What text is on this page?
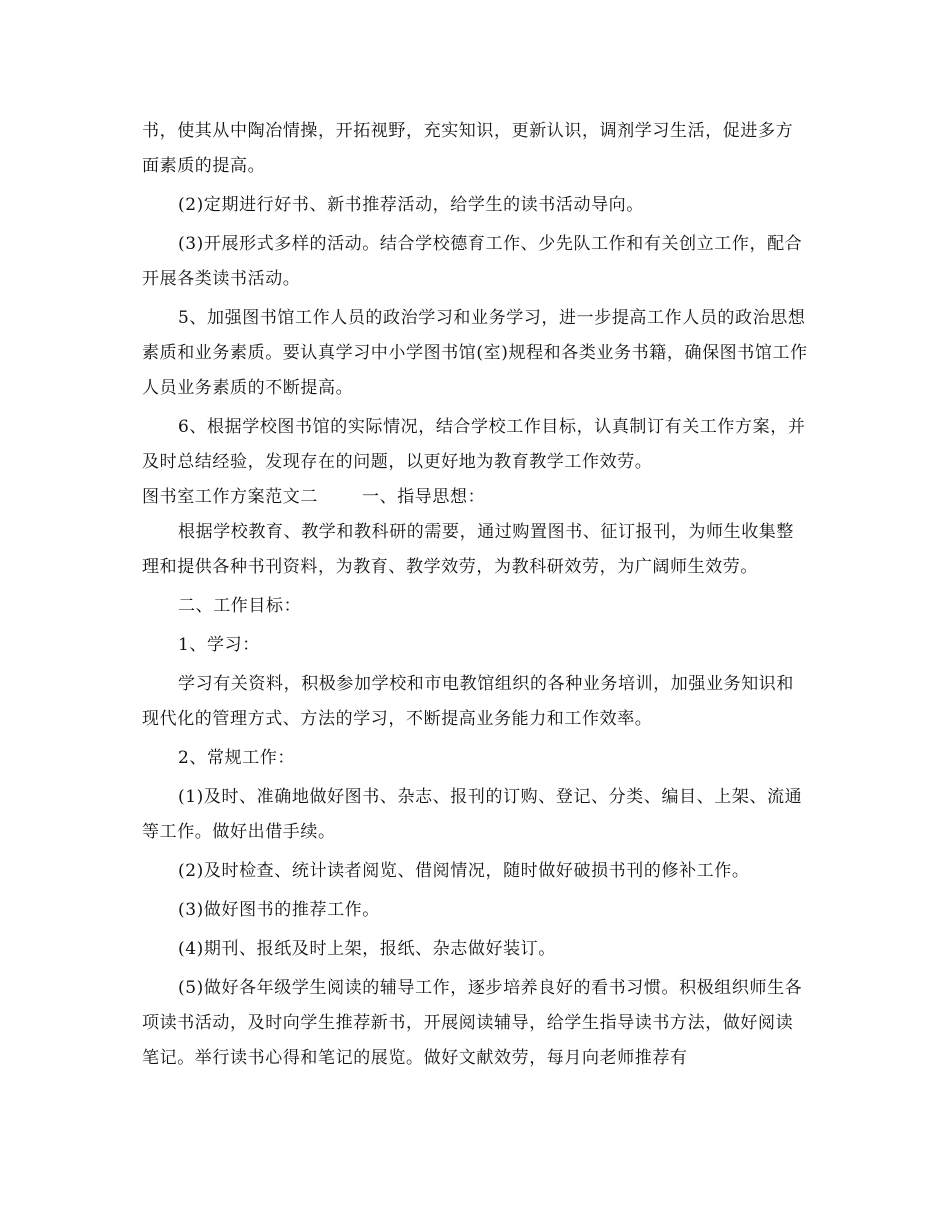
书，使其从中陶冶情操，开拓视野，充实知识，更新认识，调剂学习生活，促进多方面素质的提高。

(2)定期进行好书、新书推荐活动，给学生的读书活动导向。

(3)开展形式多样的活动。结合学校德育工作、少先队工作和有关创立工作，配合开展各类读书活动。

5、加强图书馆工作人员的政治学习和业务学习，进一步提高工作人员的政治思想素质和业务素质。要认真学习中小学图书馆(室)规程和各类业务书籍，确保图书馆工作人员业务素质的不断提高。

6、根据学校图书馆的实际情况，结合学校工作目标，认真制订有关工作方案，并及时总结经验，发现存在的问题，以更好地为教育教学工作效劳。

图书室工作方案范文二	一、指导思想：

根据学校教育、教学和教科研的需要，通过购置图书、征订报刊，为师生收集整理和提供各种书刊资料，为教育、教学效劳，为教科研效劳，为广阔师生效劳。

二、工作目标：

1、学习：

学习有关资料，积极参加学校和市电教馆组织的各种业务培训，加强业务知识和现代化的管理方式、方法的学习，不断提高业务能力和工作效率。

2、常规工作：

(1)及时、准确地做好图书、杂志、报刊的订购、登记、分类、编目、上架、流通等工作。做好出借手续。

(2)及时检查、统计读者阅览、借阅情况，随时做好破损书刊的修补工作。

(3)做好图书的推荐工作。

(4)期刊、报纸及时上架，报纸、杂志做好装订。

(5)做好各年级学生阅读的辅导工作，逐步培养良好的看书习惯。积极组织师生各项读书活动，及时向学生推荐新书，开展阅读辅导，给学生指导读书方法，做好阅读笔记。举行读书心得和笔记的展览。做好文献效劳，每月向老师推荐有
